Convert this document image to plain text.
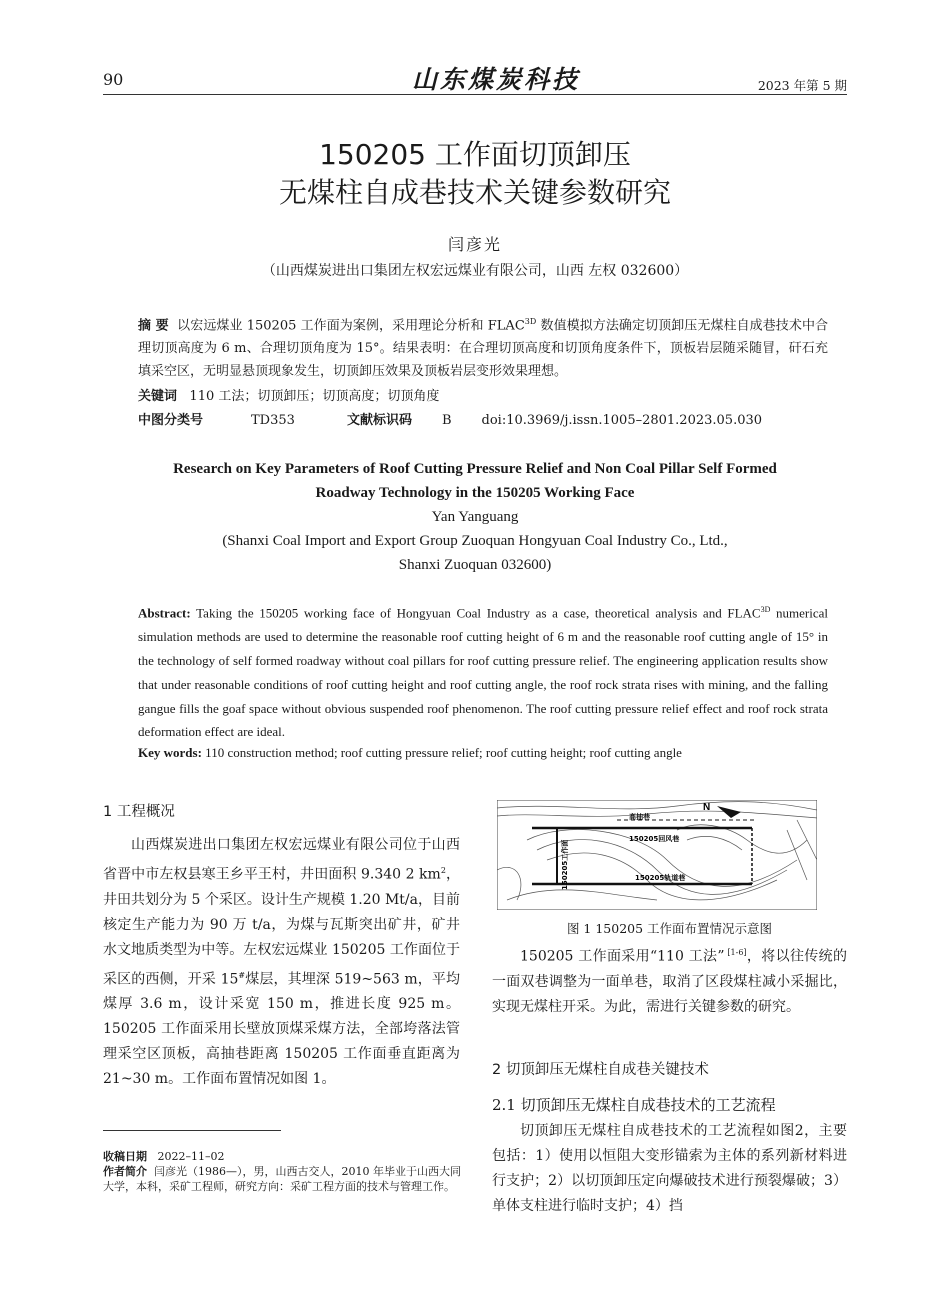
90	山东煤炭科技	2023 年第 5 期
150205 工作面切顶卸压
无煤柱自成巷技术关键参数研究
闫彦光
（山西煤炭进出口集团左权宏远煤业有限公司，山西 左权 032600）
摘 要 以宏远煤业 150205 工作面为案例，采用理论分析和 $FLAC^{3D}$ 数值模拟方法确定切顶卸压无煤柱自成巷技术中合理切顶高度为 6 m、合理切顶角度为 15°。结果表明：在合理切顶高度和切顶角度条件下，顶板岩层随采随冒，矸石充填采空区，无明显悬顶现象发生，切顶卸压效果及顶板岩层变形效果理想。
关键词 110 工法；切顶卸压；切顶高度；切顶角度
中图分类号	TD353	文献标识码 B doi:10.3969/j.issn.1005–2801.2023.05.030
Research on Key Parameters of Roof Cutting Pressure Relief and Non Coal Pillar Self Formed
Roadway Technology in the 150205 Working Face
Yan Yanguang
(Shanxi Coal Import and Export Group Zuoquan Hongyuan Coal Industry Co., Ltd.,
Shanxi Zuoquan 032600)
Abstract: Taking the 150205 working face of Hongyuan Coal Industry as a case, theoretical analysis and $FLAC^{3D}$ numerical simulation methods are used to determine the reasonable roof cutting height of 6 m and the reasonable roof cutting angle of 15° in the technology of self formed roadway without coal pillars for roof cutting pressure relief. The engineering application results show that under reasonable conditions of roof cutting height and roof cutting angle, the roof rock strata rises with mining, and the falling gangue fills the goaf space without obvious suspended roof phenomenon. The roof cutting pressure relief effect and roof rock strata deformation effect are ideal.
Key words: 110 construction method; roof cutting pressure relief; roof cutting height; roof cutting angle
1 工程概况
山西煤炭进出口集团左权宏远煤业有限公司位于山西省晋中市左权县寒王乡平王村，井田面积 9.340 2 $km^2$，井田共划分为 5 个采区。设计生产规模 1.20 Mt/a，目前核定生产能力为 90 万 t/a，为煤与瓦斯突出矿井，矿井水文地质类型为中等。左权宏远煤业 150205 工作面位于采区的西侧，开采 15#煤层，其埋深 519~563 m，平均煤厚 3.6 m，设计采宽 150 m，推进长度 925 m。150205 工作面采用长壁放顶煤采煤方法，全部垮落法管理采空区顶板，高抽巷距离 150205 工作面垂直距离为 21~30 m。工作面布置情况如图 1。
收稿日期 2022–11–02
作者简介 闫彦光（1986—），男，山西古交人，2010 年毕业于山西大同大学，本科，采矿工程师，研究方向：采矿工程方面的技术与管理工作。
N
高抽巷
150205回风巷
150205轨道巷
150205工作面
图 1 150205 工作面布置情况示意图
150205 工作面采用“110 工法” [1-6]，将以往传统的一面双巷调整为一面单巷，取消了区段煤柱减小采掘比，实现无煤柱开采。为此，需进行关键参数的研究。
2 切顶卸压无煤柱自成巷关键技术
2.1 切顶卸压无煤柱自成巷技术的工艺流程
切顶卸压无煤柱自成巷技术的工艺流程如图2，主要包括：1）使用以恒阻大变形锚索为主体的系列新材料进行支护；2）以切顶卸压定向爆破技术进行预裂爆破；3）单体支柱进行临时支护；4）挡
